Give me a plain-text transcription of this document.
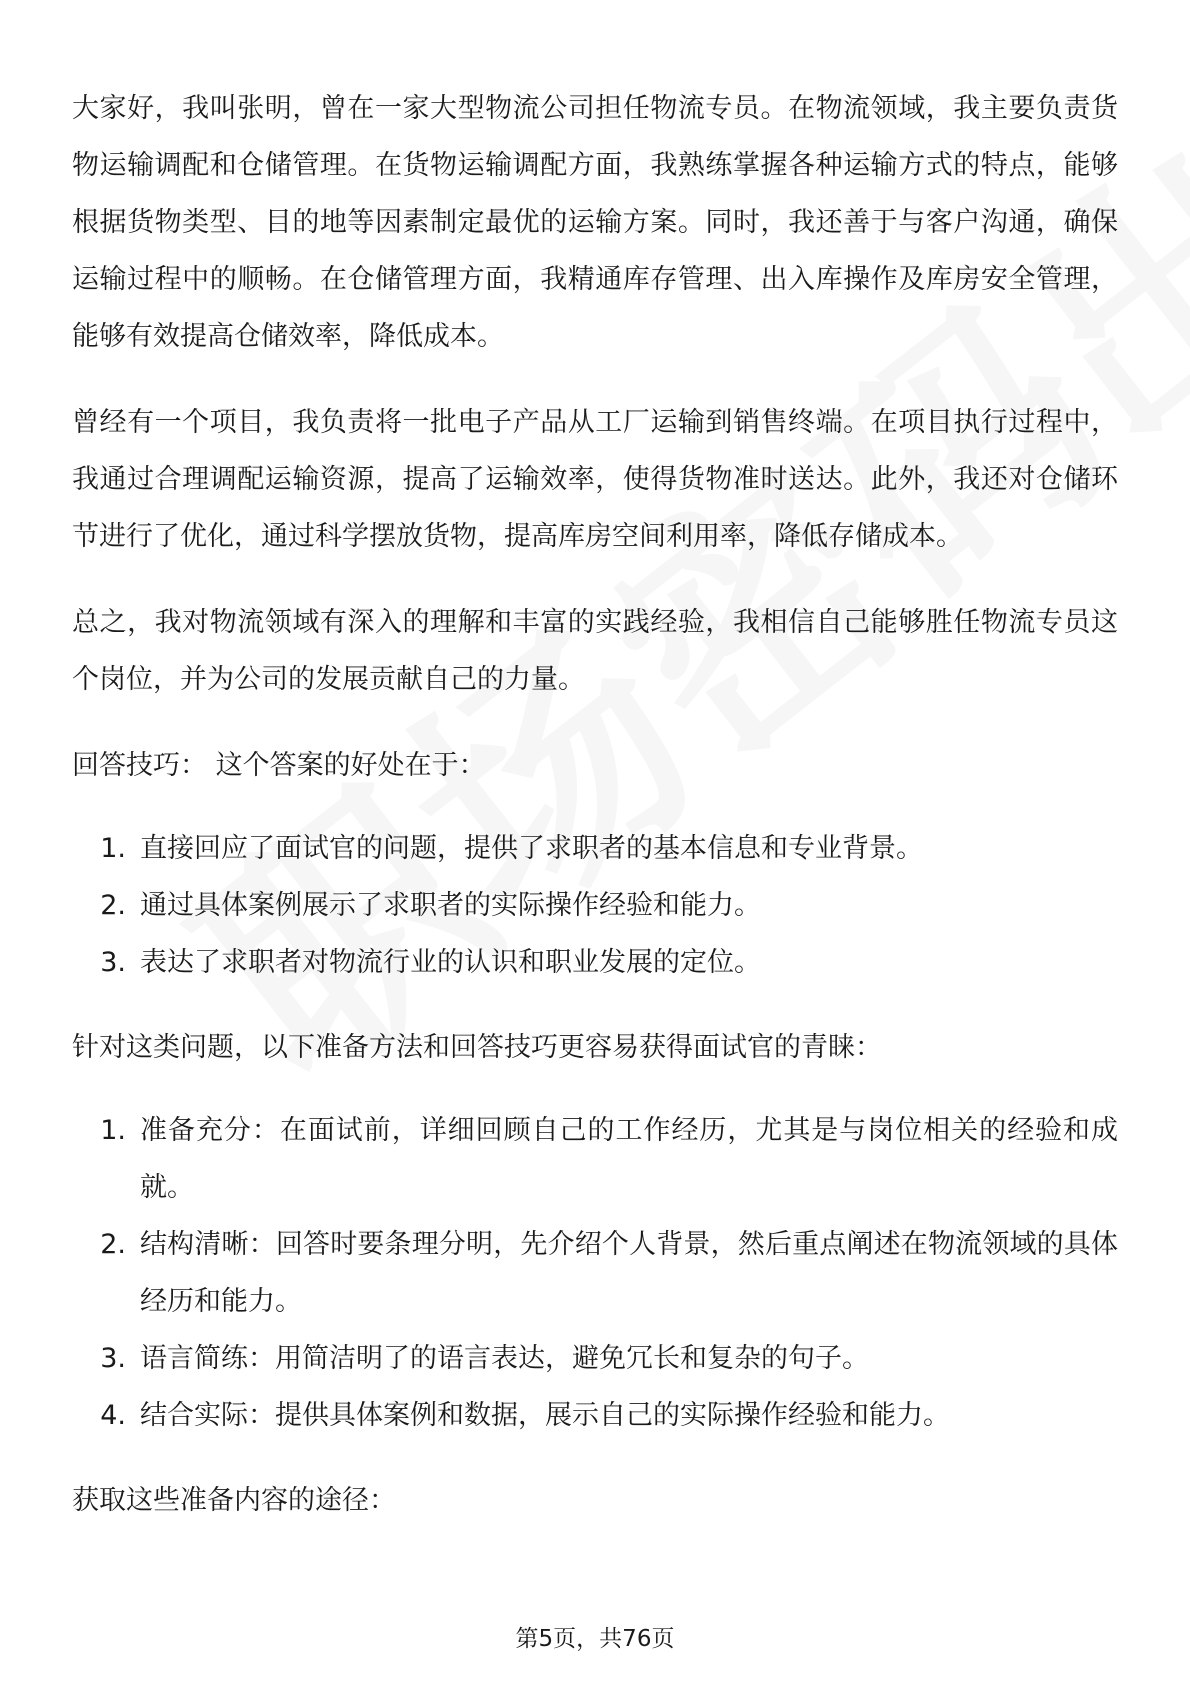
大家好，我叫张明，曾在一家大型物流公司担任物流专员。在物流领域，我主要负责货物运输调配和仓储管理。在货物运输调配方面，我熟练掌握各种运输方式的特点，能够根据货物类型、目的地等因素制定最优的运输方案。同时，我还善于与客户沟通，确保运输过程中的顺畅。在仓储管理方面，我精通库存管理、出入库操作及库房安全管理，能够有效提高仓储效率，降低成本。

曾经有一个项目，我负责将一批电子产品从工厂运输到销售终端。在项目执行过程中，我通过合理调配运输资源，提高了运输效率，使得货物准时送达。此外，我还对仓储环节进行了优化，通过科学摆放货物，提高库房空间利用率，降低存储成本。

总之，我对物流领域有深入的理解和丰富的实践经验，我相信自己能够胜任物流专员这个岗位，并为公司的发展贡献自己的力量。

回答技巧： 这个答案的好处在于：

1. 直接回应了面试官的问题，提供了求职者的基本信息和专业背景。
2. 通过具体案例展示了求职者的实际操作经验和能力。
3. 表达了求职者对物流行业的认识和职业发展的定位。

针对这类问题，以下准备方法和回答技巧更容易获得面试官的青睐：

1. 准备充分：在面试前，详细回顾自己的工作经历，尤其是与岗位相关的经验和成就。
2. 结构清晰：回答时要条理分明，先介绍个人背景，然后重点阐述在物流领域的具体经历和能力。
3. 语言简练：用简洁明了的语言表达，避免冗长和复杂的句子。
4. 结合实际：提供具体案例和数据，展示自己的实际操作经验和能力。

获取这些准备内容的途径：

第5页，共76页
